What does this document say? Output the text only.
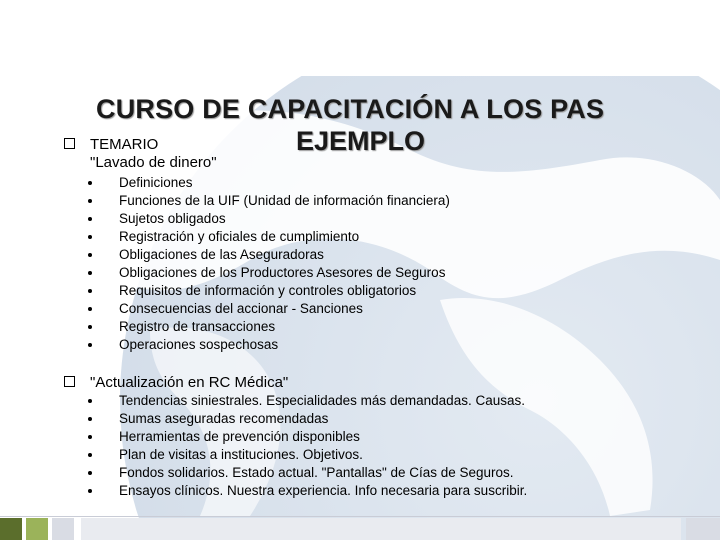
CURSO DE CAPACITACIÓN A LOS PAS
EJEMPLO
TEMARIO
"Lavado de dinero"
Definiciones
Funciones de la UIF (Unidad de información financiera)
Sujetos obligados
Registración y oficiales de cumplimiento
Obligaciones de las Aseguradoras
Obligaciones de los Productores Asesores de Seguros
Requisitos de información y controles obligatorios
Consecuencias del accionar - Sanciones
Registro de transacciones
Operaciones sospechosas
"Actualización en RC Médica"
Tendencias siniestrales. Especialidades más demandadas. Causas.
Sumas aseguradas recomendadas
Herramientas de prevención disponibles
Plan de visitas a instituciones. Objetivos.
Fondos solidarios. Estado actual. "Pantallas" de Cías de Seguros.
Ensayos clínicos. Nuestra experiencia. Info necesaria para suscribir.
